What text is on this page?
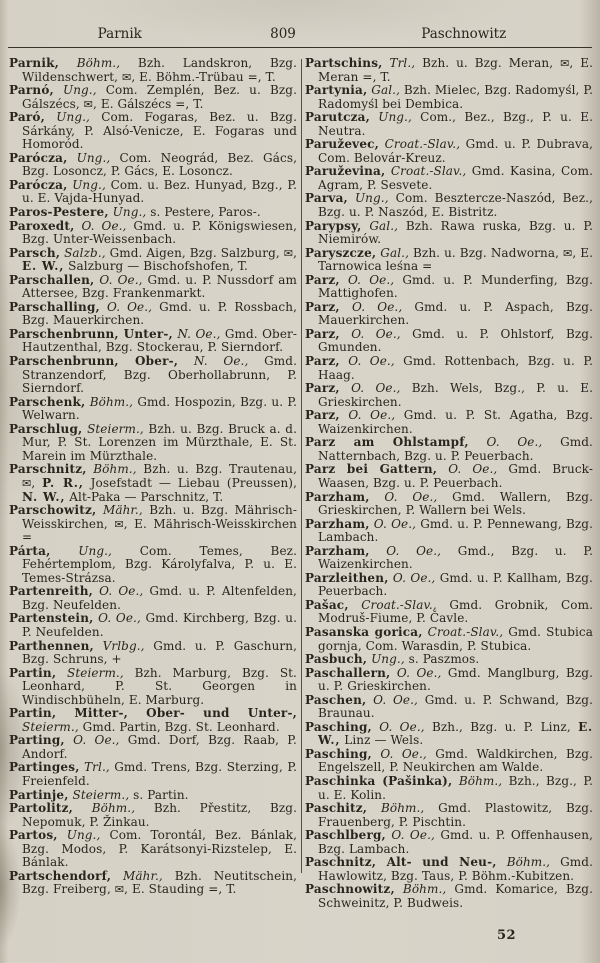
Parnik	809	Paschnowitz

Parnik, Böhm., Bzh. Landskron, Bzg. Wildenschwert, ✉, E. Böhm.-Trübau =, T.

Parnó, Ung., Com. Zemplén, Bez. u. Bzg. Gálszécs, ✉, E. Gálszécs =, T.

Paró, Ung., Com. Fogaras, Bez. u. Bzg. Sárkány, P. Alsó-Venicze, E. Fogaras und Homoród.

Parócza, Ung., Com. Neográd, Bez. Gács, Bzg. Losoncz, P. Gács, E. Losoncz.

Parócza, Ung., Com. u. Bez. Hunyad, Bzg., P. u. E. Vajda-Hunyad.

Paros-Pestere, Ung., s. Pestere, Paros-.

Paroxedt, O. Oe., Gmd. u. P. Königswiesen, Bzg. Unter-Weissenbach.

Parsch, Salzb., Gmd. Aigen, Bzg. Salzburg, ✉, E. W., Salzburg — Bischofshofen, T.

Parschallen, O. Oe., Gmd. u. P. Nussdorf am Attersee, Bzg. Frankenmarkt.

Parschalling, O. Oe., Gmd. u. P. Rossbach, Bzg. Mauerkirchen.

Parschenbrunn, Unter-, N. Oe., Gmd. Ober-Hautzenthal, Bzg. Stockerau, P. Sierndorf.

Parschenbrunn, Ober-, N. Oe., Gmd. Stranzendorf, Bzg. Oberhollabrunn, P. Sierndorf.

Parschenk, Böhm., Gmd. Hospozin, Bzg. u. P. Welwarn.

Parschlug, Steierm., Bzh. u. Bzg. Bruck a. d. Mur, P. St. Lorenzen im Mürzthale, E. St. Marein im Mürzthale.

Parschnitz, Böhm., Bzh. u. Bzg. Trautenau, ✉, P. R., Josefstadt — Liebau (Preussen), N. W., Alt-Paka — Parschnitz, T.

Parschowitz, Mähr., Bzh. u. Bzg. Mährisch-Weisskirchen, ✉, E. Mährisch-Weisskirchen =

Párta, Ung., Com. Temes, Bez. Fehértemplom, Bzg. Károlyfalva, P. u. E. Temes-Strázsa.

Partenreith, O. Oe., Gmd. u. P. Altenfelden, Bzg. Neufelden.

Partenstein, O. Oe., Gmd. Kirchberg, Bzg. u. P. Neufelden.

Parthennen, Vrlbg., Gmd. u. P. Gaschurn, Bzg. Schruns, +

Partin, Steierm., Bzh. Marburg, Bzg. St. Leonhard, P. St. Georgen in Windischbüheln, E. Marburg.

Partin, Mitter-, Ober- und Unter-, Steierm., Gmd. Partin, Bzg. St. Leonhard.

Parting, O. Oe., Gmd. Dorf, Bzg. Raab, P. Andorf.

Partinges, Trl., Gmd. Trens, Bzg. Sterzing, P. Freienfeld.

Partinje, Steierm., s. Partin.

Partolitz, Böhm., Bzh. Přestitz, Bzg. Nepomuk, P. Žinkau.

Partos, Ung., Com. Torontál, Bez. Bánlak, Bzg. Modos, P. Karátsonyi-Rizstelep, E. Bánlak.

Partschendorf, Mähr., Bzh. Neutitschein, Bzg. Freiberg, ✉, E. Stauding =, T.

Partschins, Trl., Bzh. u. Bzg. Meran, ✉, E. Meran =, T.

Partynia, Gal., Bzh. Mielec, Bzg. Radomyśl, P. Radomyśl bei Dembica.

Parutcza, Ung., Com., Bez., Bzg., P. u. E. Neutra.

Paruževec, Croat.-Slav., Gmd. u. P. Dubrava, Com. Belovár-Kreuz.

Paruževina, Croat.-Slav., Gmd. Kasina, Com. Agram, P. Sesvete.

Parva, Ung., Com. Besztercze-Naszód, Bez., Bzg. u. P. Naszód, E. Bistritz.

Parypsy, Gal., Bzh. Rawa ruska, Bzg. u. P. Niemirów.

Paryszcze, Gal., Bzh. u. Bzg. Nadworna, ✉, E. Tarnowica leśna =

Parz, O. Oe., Gmd. u. P. Munderfing, Bzg. Mattighofen.

Parz, O. Oe., Gmd. u. P. Aspach, Bzg. Mauerkirchen.

Parz, O. Oe., Gmd. u. P. Ohlstorf, Bzg. Gmunden.

Parz, O. Oe., Gmd. Rottenbach, Bzg. u. P. Haag.

Parz, O. Oe., Bzh. Wels, Bzg., P. u. E. Grieskirchen.

Parz, O. Oe., Gmd. u. P. St. Agatha, Bzg. Waizenkirchen.

Parz am Ohlstampf, O. Oe., Gmd. Natternbach, Bzg. u. P. Peuerbach.

Parz bei Gattern, O. Oe., Gmd. Bruck-Waasen, Bzg. u. P. Peuerbach.

Parzham, O. Oe., Gmd. Wallern, Bzg. Grieskirchen, P. Wallern bei Wels.

Parzham, O. Oe., Gmd. u. P. Pennewang, Bzg. Lambach.

Parzham, O. Oe., Gmd., Bzg. u. P. Waizenkirchen.

Parzleithen, O. Oe., Gmd. u. P. Kallham, Bzg. Peuerbach.

Pašac, Croat.-Slav., Gmd. Grobnik, Com. Modruš-Fiume, P. Čavle.

Pasanska gorica, Croat.-Slav., Gmd. Stubica gornja, Com. Warasdin, P. Stubica.

Pasbuch, Ung., s. Paszmos.

Paschallern, O. Oe., Gmd. Manglburg, Bzg. u. P. Grieskirchen.

Paschen, O. Oe., Gmd. u. P. Schwand, Bzg. Braunau.

Pasching, O. Oe., Bzh., Bzg. u. P. Linz, E. W., Linz — Wels.

Pasching, O. Oe., Gmd. Waldkirchen, Bzg. Engelszell, P. Neukirchen am Walde.

Paschinka (Pašinka), Böhm., Bzh., Bzg., P. u. E. Kolin.

Paschitz, Böhm., Gmd. Plastowitz, Bzg. Frauenberg, P. Pischtin.

Paschlberg, O. Oe., Gmd. u. P. Offenhausen, Bzg. Lambach.

Paschnitz, Alt- und Neu-, Böhm., Gmd. Hawlowitz, Bzg. Taus, P. Böhm.-Kubitzen.

Paschnowitz, Böhm., Gmd. Komarice, Bzg. Schweinitz, P. Budweis.

52
